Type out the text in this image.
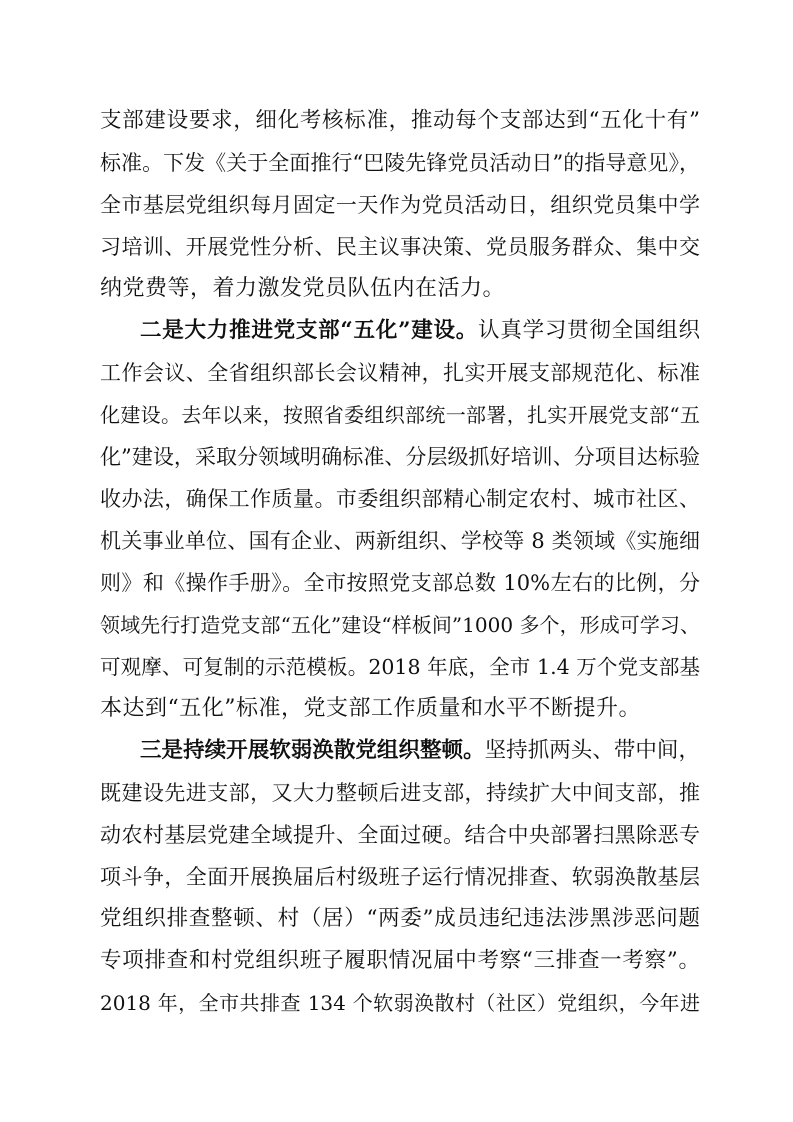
支部建设要求，细化考核标准，推动每个支部达到“五化十有”
标准。下发《关于全面推行“巴陵先锋党员活动日”的指导意见》，
全市基层党组织每月固定一天作为党员活动日，组织党员集中学
习培训、开展党性分析、民主议事决策、党员服务群众、集中交
纳党费等，着力激发党员队伍内在活力。
二是大力推进党支部“五化”建设。认真学习贯彻全国组织
工作会议、全省组织部长会议精神，扎实开展支部规范化、标准
化建设。去年以来，按照省委组织部统一部署，扎实开展党支部“五
化”建设，采取分领域明确标准、分层级抓好培训、分项目达标验
收办法，确保工作质量。市委组织部精心制定农村、城市社区、
机关事业单位、国有企业、两新组织、学校等 8 类领域《实施细
则》和《操作手册》。全市按照党支部总数 10%左右的比例，分
领域先行打造党支部“五化”建设“样板间”1000 多个，形成可学习、
可观摩、可复制的示范模板。2018 年底，全市 1.4 万个党支部基
本达到“五化”标准，党支部工作质量和水平不断提升。
三是持续开展软弱涣散党组织整顿。坚持抓两头、带中间，
既建设先进支部，又大力整顿后进支部，持续扩大中间支部，推
动农村基层党建全域提升、全面过硬。结合中央部署扫黑除恶专
项斗争，全面开展换届后村级班子运行情况排查、软弱涣散基层
党组织排查整顿、村（居）“两委”成员违纪违法涉黑涉恶问题
专项排查和村党组织班子履职情况届中考察“三排查一考察”。
2018 年，全市共排查 134 个软弱涣散村（社区）党组织，今年进
